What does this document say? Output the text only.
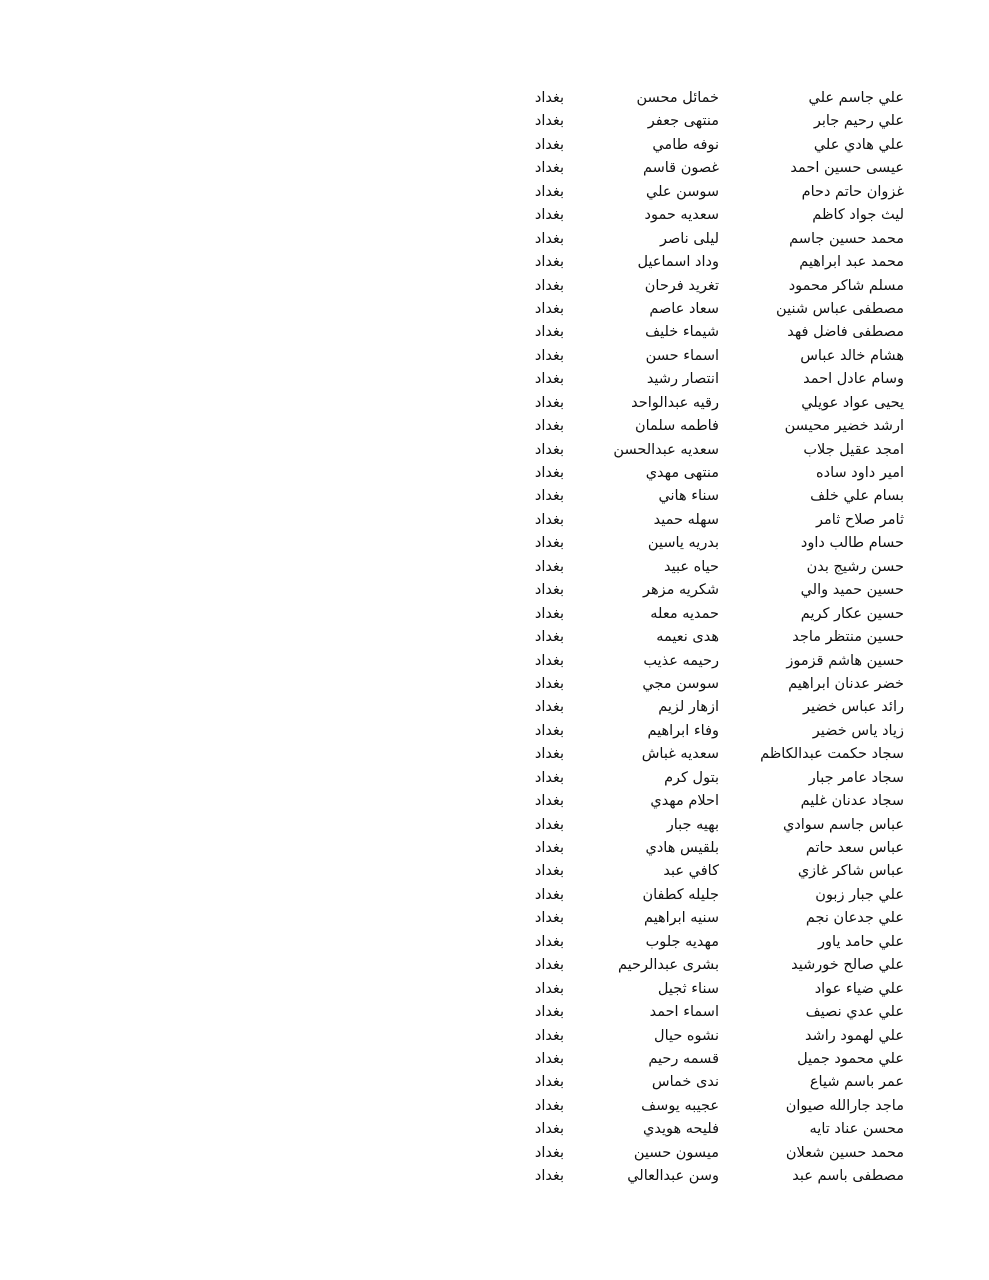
علي جاسم علي
خمائل محسن
بغداد
علي رحيم جابر
منتهى جعفر
بغداد
علي هادي علي
نوفه طامي
بغداد
عيسى حسين احمد
غصون قاسم
بغداد
غزوان حاتم دحام
سوسن علي
بغداد
ليث جواد كاظم
سعديه حمود
بغداد
محمد حسين جاسم
ليلى ناصر
بغداد
محمد عبد ابراهيم
وداد اسماعيل
بغداد
مسلم شاكر محمود
تغريد فرحان
بغداد
مصطفى عباس شنين
سعاد عاصم
بغداد
مصطفى فاضل فهد
شيماء خليف
بغداد
هشام خالد عباس
اسماء حسن
بغداد
وسام عادل احمد
انتصار رشيد
بغداد
يحيى عواد عويلي
رقيه عبدالواحد
بغداد
ارشد خضير محيسن
فاطمه سلمان
بغداد
امجد عقيل جلاب
سعديه عبدالحسن
بغداد
امير داود ساده
منتهى مهدي
بغداد
بسام علي خلف
سناء هاني
بغداد
ثامر صلاح ثامر
سهله حميد
بغداد
حسام طالب داود
بدريه ياسين
بغداد
حسن رشيج بدن
حياه عبيد
بغداد
حسين حميد والي
شكريه مزهر
بغداد
حسين عكار كريم
حمديه معله
بغداد
حسين منتظر ماجد
هدى نعيمه
بغداد
حسين هاشم قزموز
رحيمه عذيب
بغداد
خضر عدنان ابراهيم
سوسن مجي
بغداد
رائد عباس خضير
ازهار لزيم
بغداد
زياد ياس خضير
وفاء ابراهيم
بغداد
سجاد حكمت عبدالكاظم
سعديه غباش
بغداد
سجاد عامر جبار
بتول كرم
بغداد
سجاد عدنان غليم
احلام مهدي
بغداد
عباس جاسم سوادي
بهيه جبار
بغداد
عباس سعد حاتم
بلقيس هادي
بغداد
عباس شاكر غازي
كافي عبد
بغداد
علي جبار زبون
جليله كطفان
بغداد
علي جدعان نجم
سنيه ابراهيم
بغداد
علي حامد ياور
مهديه جلوب
بغداد
علي صالح خورشيد
بشرى عبدالرحيم
بغداد
علي ضياء عواد
سناء ثجيل
بغداد
علي عدي نصيف
اسماء احمد
بغداد
علي لهمود راشد
نشوه حيال
بغداد
علي محمود جميل
قسمه رحيم
بغداد
عمر باسم شياع
ندى خماس
بغداد
ماجد جارالله صيوان
عجيبه يوسف
بغداد
محسن عناد تايه
فليحه هويدي
بغداد
محمد حسين شعلان
ميسون حسين
بغداد
مصطفى باسم عبد
وسن عبدالعالي
بغداد
